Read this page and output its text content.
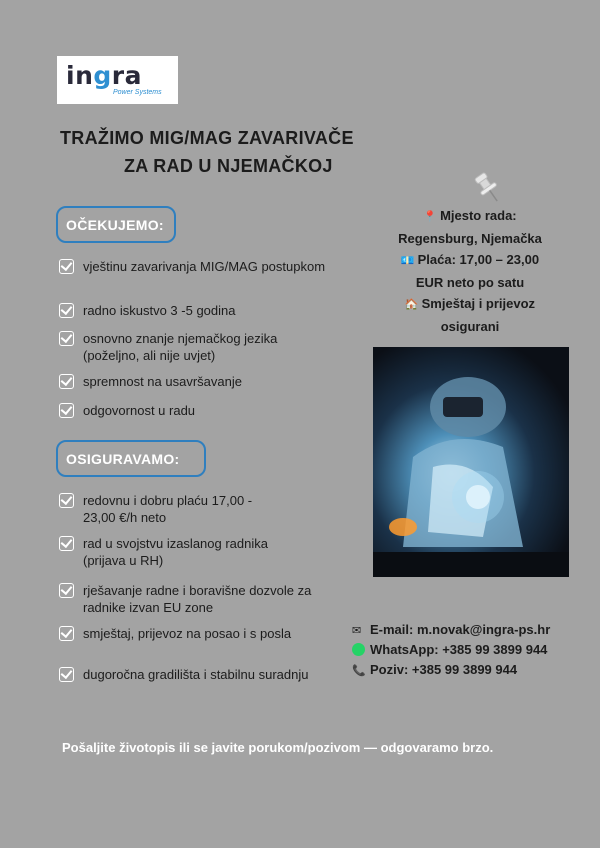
ingra
Power Systems
TRAŽIMO MIG/MAG ZAVARIVAČE
ZA RAD U NJEMAČKOJ
OČEKUJEMO:
vještinu zavarivanja MIG/MAG postupkom
radno iskustvo 3 -5 godina
osnovno znanje njemačkog jezika (poželjno, ali nije uvjet)
spremnost na usavršavanje
odgovornost u radu
OSIGURAVAMO:
redovnu i dobru plaću 17,00 - 23,00 €/h neto
rad u svojstvu izaslanog radnika (prijava u RH)
rješavanje radne i boravišne dozvole za radnike izvan EU zone
smještaj, prijevoz na posao i s posla
dugoročna gradilišta i stabilnu suradnju
📍 Mjesto rada:
Regensburg, Njemačka
💶 Plaća: 17,00 – 23,00
EUR neto po satu
🏠 Smještaj i prijevoz
osigurani
✉ E-mail: m.novak@ingra-ps.hr
WhatsApp: +385 99 3899 944
📞 Poziv: +385 99 3899 944
Pošaljite životopis ili se javite porukom/pozivom — odgovaramo brzo.
